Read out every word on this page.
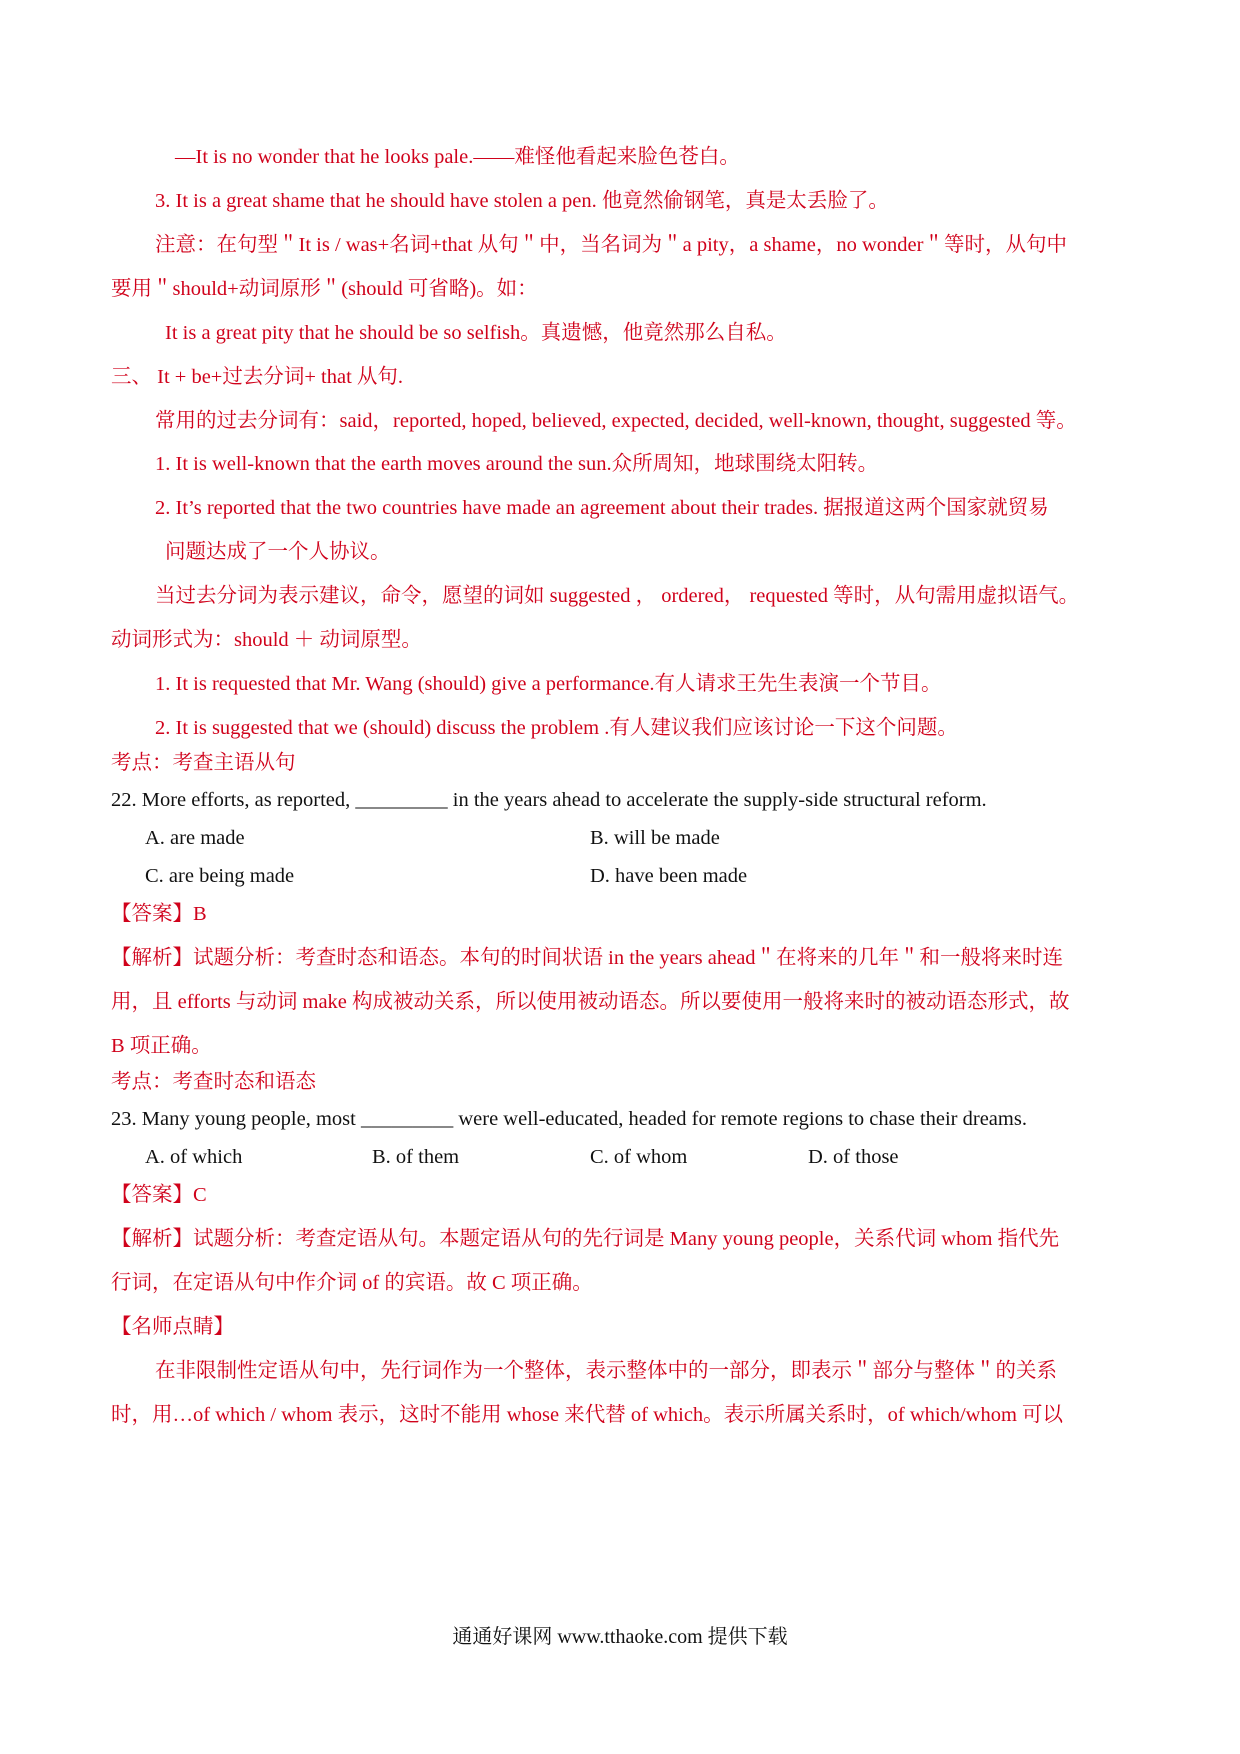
—It is no wonder that he looks pale.——难怪他看起来脸色苍白。
3. It is a great shame that he should have stolen a pen. 他竟然偷钢笔，真是太丢脸了。
注意：在句型＂It is / was+名词+that 从句＂中，当名词为＂a pity，a shame，no wonder＂等时，从句中
要用＂should+动词原形＂(should 可省略)。如：
It is a great pity that he should be so selfish。真遗憾，他竟然那么自私。
三、 It + be+过去分词+ that 从句.
常用的过去分词有：said，reported, hoped, believed, expected, decided, well-known, thought, suggested 等。
1. It is well-known that the earth moves around the sun.众所周知，地球围绕太阳转。
2. It’s reported that the two countries have made an agreement about their trades. 据报道这两个国家就贸易
问题达成了一个人协议。
当过去分词为表示建议，命令，愿望的词如 suggested ， ordered， requested 等时，从句需用虚拟语气。
动词形式为：should ＋ 动词原型。
1. It is requested that Mr. Wang (should) give a performance.有人请求王先生表演一个节目。
2. It is suggested that we (should) discuss the problem .有人建议我们应该讨论一下这个问题。
考点：考查主语从句
22. More efforts, as reported, _________ in the years ahead to accelerate the supply-side structural reform.
A. are made	B. will be made
C. are being made	D. have been made
【答案】B
【解析】试题分析：考查时态和语态。本句的时间状语 in the years ahead＂在将来的几年＂和一般将来时连
用，且 efforts 与动词 make 构成被动关系，所以使用被动语态。所以要使用一般将来时的被动语态形式，故
B 项正确。
考点：考查时态和语态
23. Many young people, most _________ were well-educated, headed for remote regions to chase their dreams.
A. of which	B. of them	C. of whom	D. of those
【答案】C
【解析】试题分析：考查定语从句。本题定语从句的先行词是 Many young people，关系代词 whom 指代先
行词，在定语从句中作介词 of 的宾语。故 C 项正确。
【名师点睛】
在非限制性定语从句中，先行词作为一个整体，表示整体中的一部分，即表示＂部分与整体＂的关系
时，用…of which / whom 表示，这时不能用 whose 来代替 of which。表示所属关系时，of which/whom 可以
通通好课网 www.tthaoke.com 提供下载
